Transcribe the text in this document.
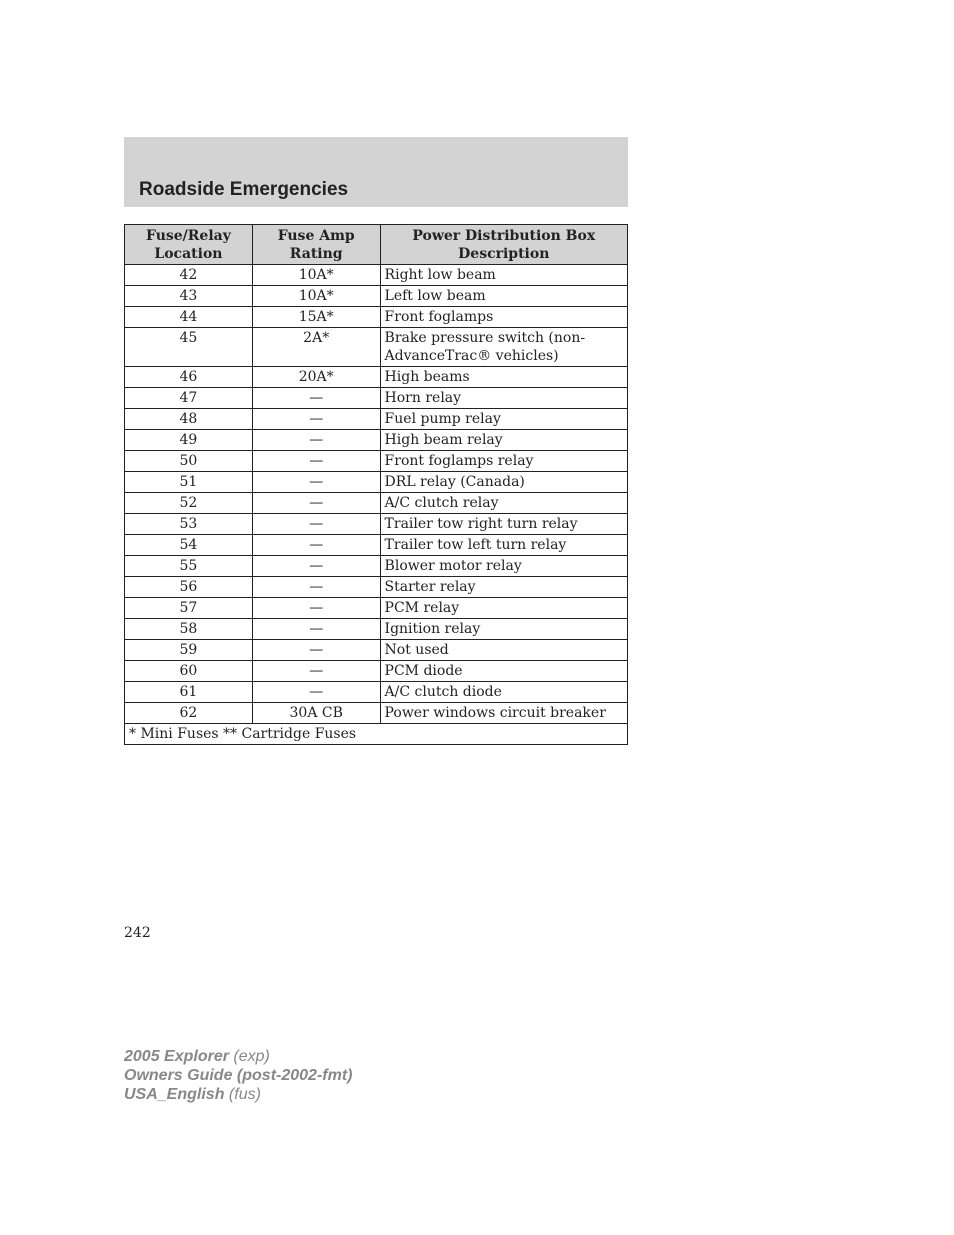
Roadside Emergencies
Fuse/Relay Location	Fuse Amp Rating	Power Distribution Box Description
42	10A*	Right low beam
43	10A*	Left low beam
44	15A*	Front foglamps
45	2A*	Brake pressure switch (non-AdvanceTrac® vehicles)
46	20A*	High beams
47	—	Horn relay
48	—	Fuel pump relay
49	—	High beam relay
50	—	Front foglamps relay
51	—	DRL relay (Canada)
52	—	A/C clutch relay
53	—	Trailer tow right turn relay
54	—	Trailer tow left turn relay
55	—	Blower motor relay
56	—	Starter relay
57	—	PCM relay
58	—	Ignition relay
59	—	Not used
60	—	PCM diode
61	—	A/C clutch diode
62	30A CB	Power windows circuit breaker
* Mini Fuses ** Cartridge Fuses		
242
2005 Explorer (exp)
Owners Guide (post-2002-fmt)
USA_English (fus)
